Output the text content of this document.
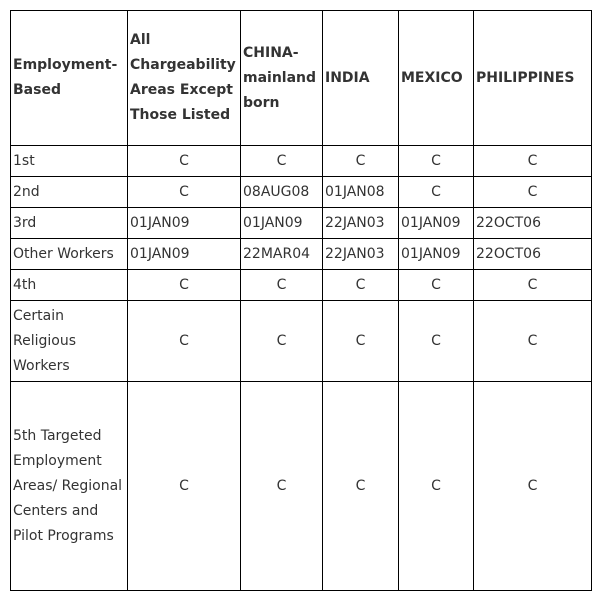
Employment-Based	All Chargeability Areas Except Those Listed	CHINA-mainland born	INDIA	MEXICO	PHILIPPINES
1st	C	C	C	C	C
2nd	C	08AUG08	01JAN08	C	C
3rd	01JAN09	01JAN09	22JAN03	01JAN09	22OCT06
Other Workers	01JAN09	22MAR04	22JAN03	01JAN09	22OCT06
4th	C	C	C	C	C
Certain Religious Workers	C	C	C	C	C
5th Targeted Employment Areas/ Regional Centers and Pilot Programs	C	C	C	C	C
